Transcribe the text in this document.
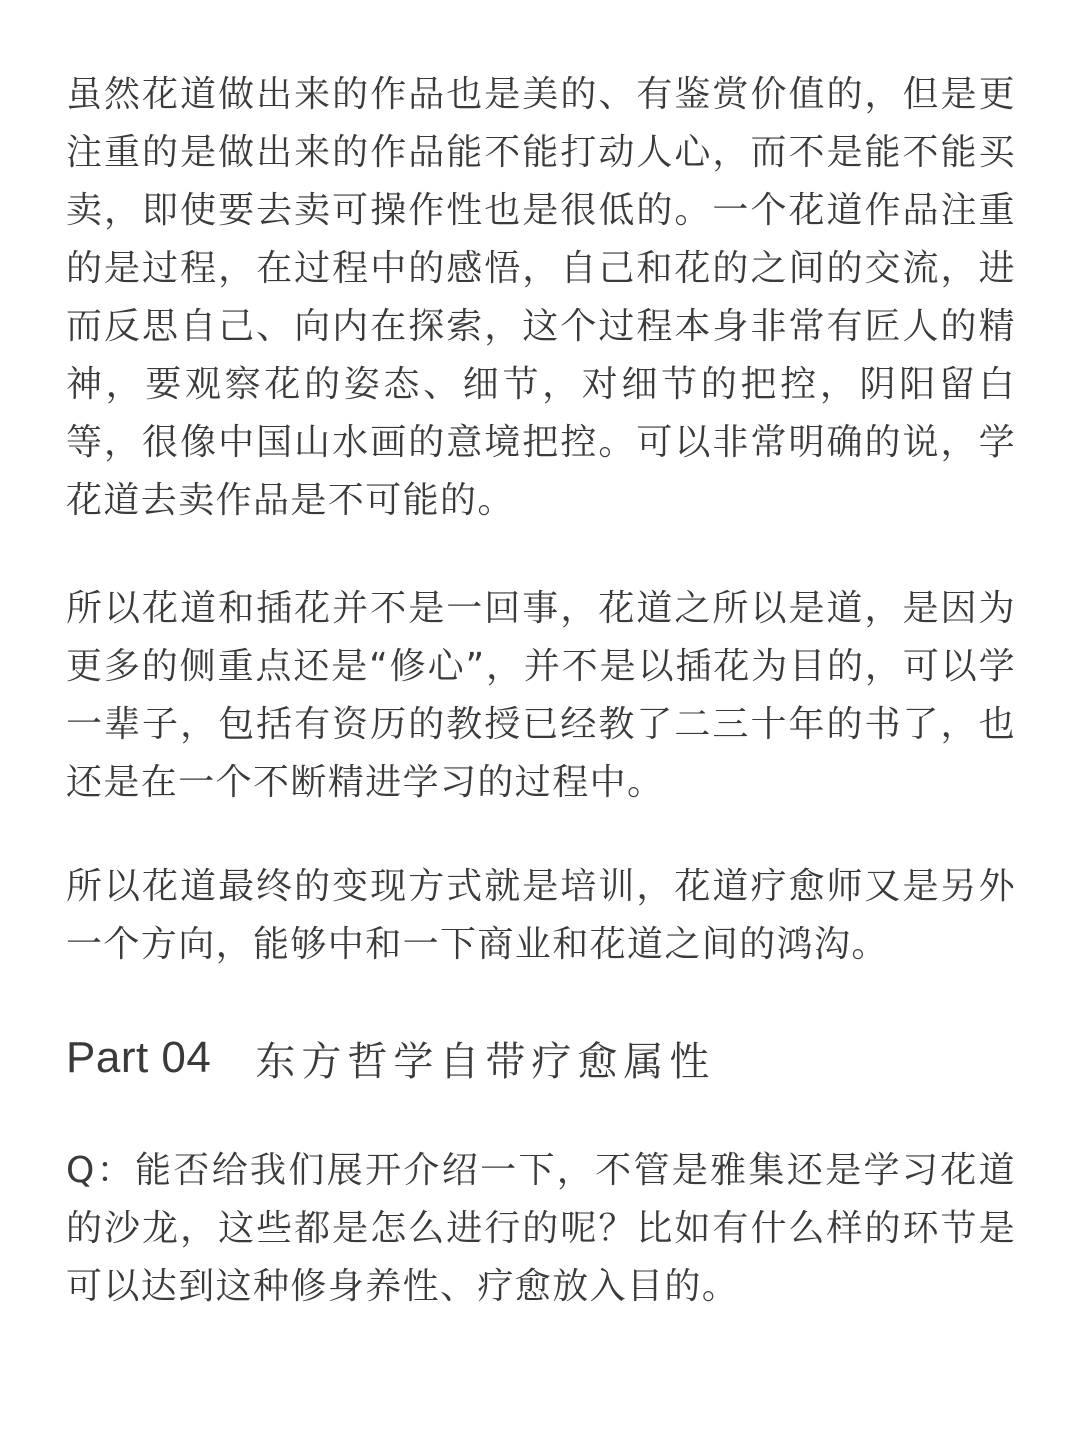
虽然花道做出来的作品也是美的、有鉴赏价值的，但是更注重的是做出来的作品能不能打动人心，而不是能不能买卖，即使要去卖可操作性也是很低的。一个花道作品注重的是过程，在过程中的感悟，自己和花的之间的交流，进而反思自己、向内在探索，这个过程本身非常有匠人的精神，要观察花的姿态、细节，对细节的把控，阴阳留白等，很像中国山水画的意境把控。可以非常明确的说，学花道去卖作品是不可能的。

所以花道和插花并不是一回事，花道之所以是道，是因为更多的侧重点还是“修心”，并不是以插花为目的，可以学一辈子，包括有资历的教授已经教了二三十年的书了，也还是在一个不断精进学习的过程中。

所以花道最终的变现方式就是培训，花道疗愈师又是另外一个方向，能够中和一下商业和花道之间的鸿沟。

Part 04 东方哲学自带疗愈属性

Q：能否给我们展开介绍一下，不管是雅集还是学习花道的沙龙，这些都是怎么进行的呢？比如有什么样的环节是可以达到这种修身养性、疗愈放入目的。
